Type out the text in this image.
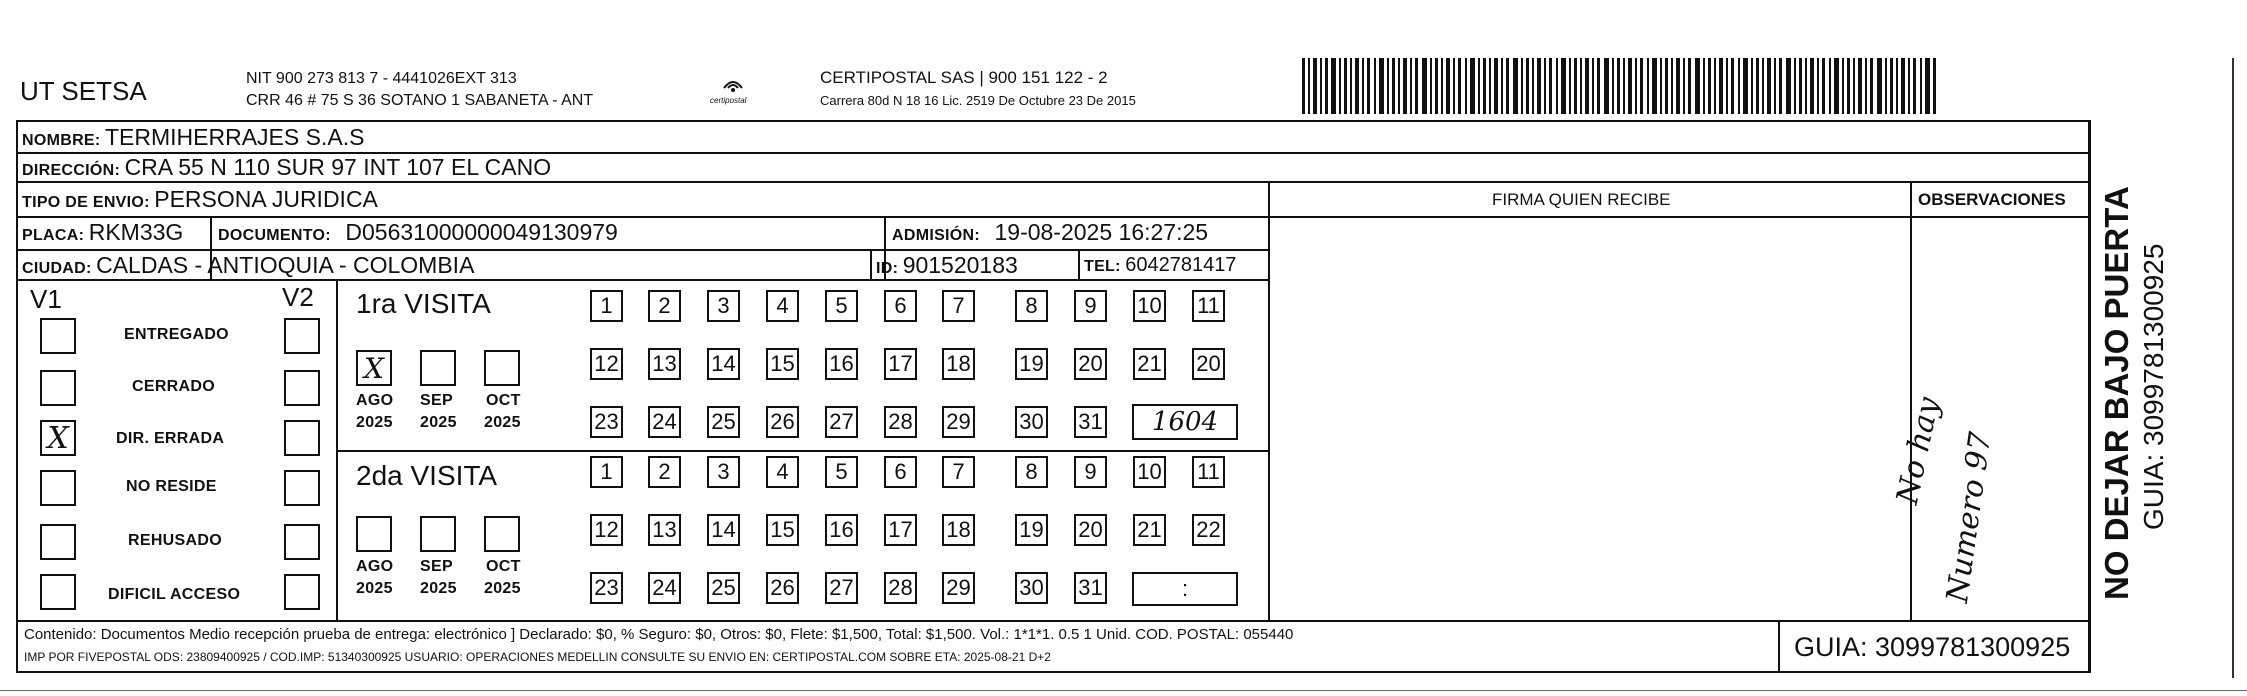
UT SETSA	NIT 900 273 813 7 - 4441026EXT 313
CRR 46 # 75 S 36 SOTANO 1 SABANETA - ANT	certipostal
CERTIPOSTAL SAS | 900 151 122 - 2
Carrera 80d N 18 16 Lic. 2519 De Octubre 23 De 2015
NOMBRE: TERMIHERRAJES S.A.S
DIRECCIÓN: CRA 55 N 110 SUR 97 INT 107 EL CANO
TIPO DE ENVIO: PERSONA JURIDICA	FIRMA QUIEN RECIBE	OBSERVACIONES
PLACA: RKM33G DOCUMENTO: D05631000000049130979	ADMISIÓN: 19-08-2025 16:27:25
CIUDAD: CALDAS - ANTIOQUIA - COLOMBIA	ID: 901520183	TEL: 6042781417
V1	V2
ENTREGADO
CERRADO
X	DIR. ERRADA
NO RESIDE
REHUSADO
DIFICIL ACCESO
1ra VISITA
X
AGO SEP OCT
2025 2025 2025
1 2 3 4 5 6 7	8 9 10 11
12 13 14 15 16 17 18 19 20 21 20
23 24 25 26 27 28 29 30 31 1604
2da VISITA
AGO SEP OCT
2025 2025 2025
1 2 3 4 5 6 7	8 9 10 11
12 13 14 15 16 17 18 19 20 21 22
23 24 25 26 27 28 29 30 31	:
No hay
Numero 97
Contenido: Documentos Medio recepción prueba de entrega: electrónico ] Declarado: $0, % Seguro: $0, Otros: $0, Flete: $1,500, Total: $1,500. Vol.: 1*1*1. 0.5 1 Unid. COD. POSTAL: 055440
IMP POR FIVEPOSTAL ODS: 23809400925 / COD.IMP: 51340300925 USUARIO: OPERACIONES MEDELLIN CONSULTE SU ENVIO EN: CERTIPOSTAL.COM SOBRE ETA: 2025-08-21 D+2	GUIA: 3099781300925
NO DEJAR BAJO PUERTA GUIA: 3099781300925
